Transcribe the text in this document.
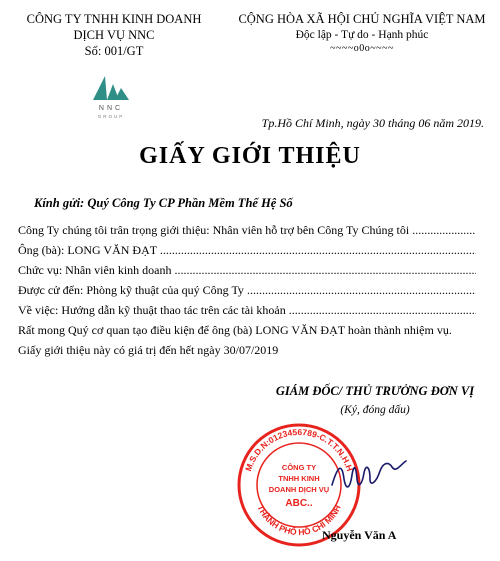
CÔNG TY TNHH KINH DOANH
DỊCH VỤ NNC
Số: 001/GT
CỘNG HÒA XÃ HỘI CHỦ NGHĨA VIỆT NAM
Độc lập - Tự do - Hạnh phúc
~~~~o0o~~~~
NNC
GROUP	Tp.Hồ Chí Minh, ngày 30 tháng 06 năm 2019.
GIẤY GIỚI THIỆU
Kính gửi: Quý Công Ty CP Phần Mềm Thế Hệ Số
Công Ty chúng tôi trân trọng giới thiệu: Nhân viên hỗ trợ bên Công Ty Chúng tôi .....
Ông (bà): LONG VĂN ĐẠT .....
Chức vụ: Nhân viên kinh doanh .....
Được cử đến: Phòng kỹ thuật của quý Công Ty .....
Về việc: Hướng dẫn kỹ thuật thao tác trên các tài khoản .....
Rất mong Quý cơ quan tạo điều kiện để ông (bà) LONG VĂN ĐẠT hoàn thành nhiệm vụ.
Giấy giới thiệu này có giá trị đến hết ngày 30/07/2019
GIÁM ĐỐC/ THỦ TRƯỞNG ĐƠN VỊ
(Ký, đóng dấu)
M.S.D.N:0123456789-C.T.T.N.H.H
THÀNH PHỐ HỒ CHÍ MINH
CÔNG TY
TNHH KINH
DOANH DỊCH VỤ
ABC..
Nguyễn Văn A
